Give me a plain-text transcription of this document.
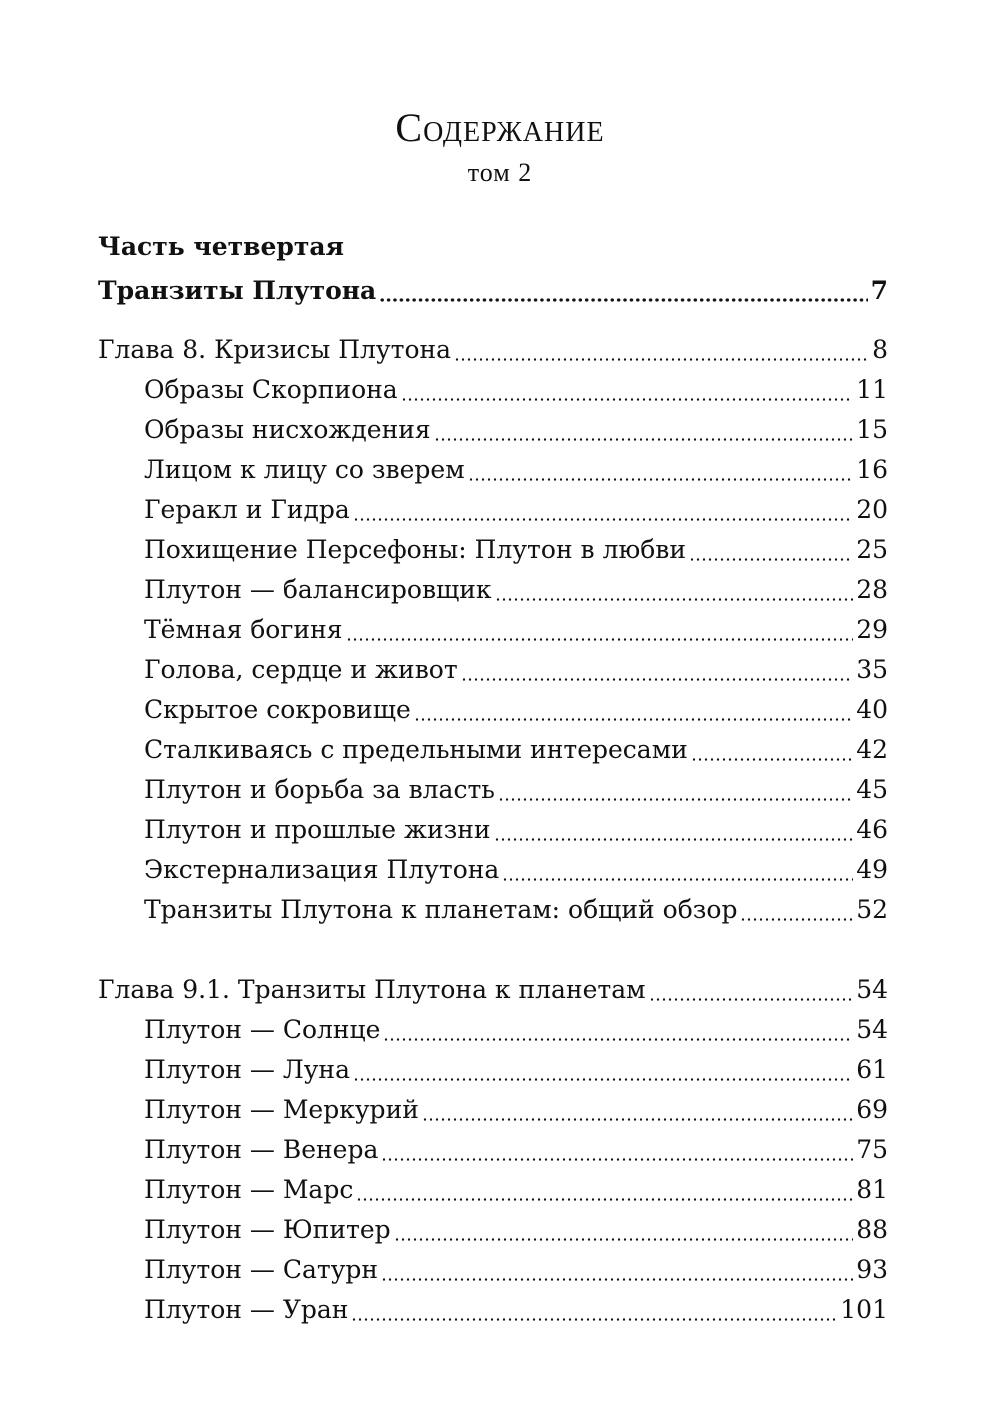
Содержание
том 2
Часть четвертая
Транзиты Плутона	7
Глава 8. Кризисы Плутона	8
Образы Скорпиона	11
Образы нисхождения	15
Лицом к лицу со зверем	16
Геракл и Гидра	20
Похищение Персефоны: Плутон в любви	25
Плутон — балансировщик	28
Тёмная богиня	29
Голова, сердце и живот	35
Скрытое сокровище	40
Сталкиваясь с предельными интересами	42
Плутон и борьба за власть	45
Плутон и прошлые жизни	46
Экстернализация Плутона	49
Транзиты Плутона к планетам: общий обзор	52
Глава 9.1. Транзиты Плутона к планетам	54
Плутон — Солнце	54
Плутон — Луна	61
Плутон — Меркурий	69
Плутон — Венера	75
Плутон — Марс	81
Плутон — Юпитер	88
Плутон — Сатурн	93
Плутон — Уран	101
